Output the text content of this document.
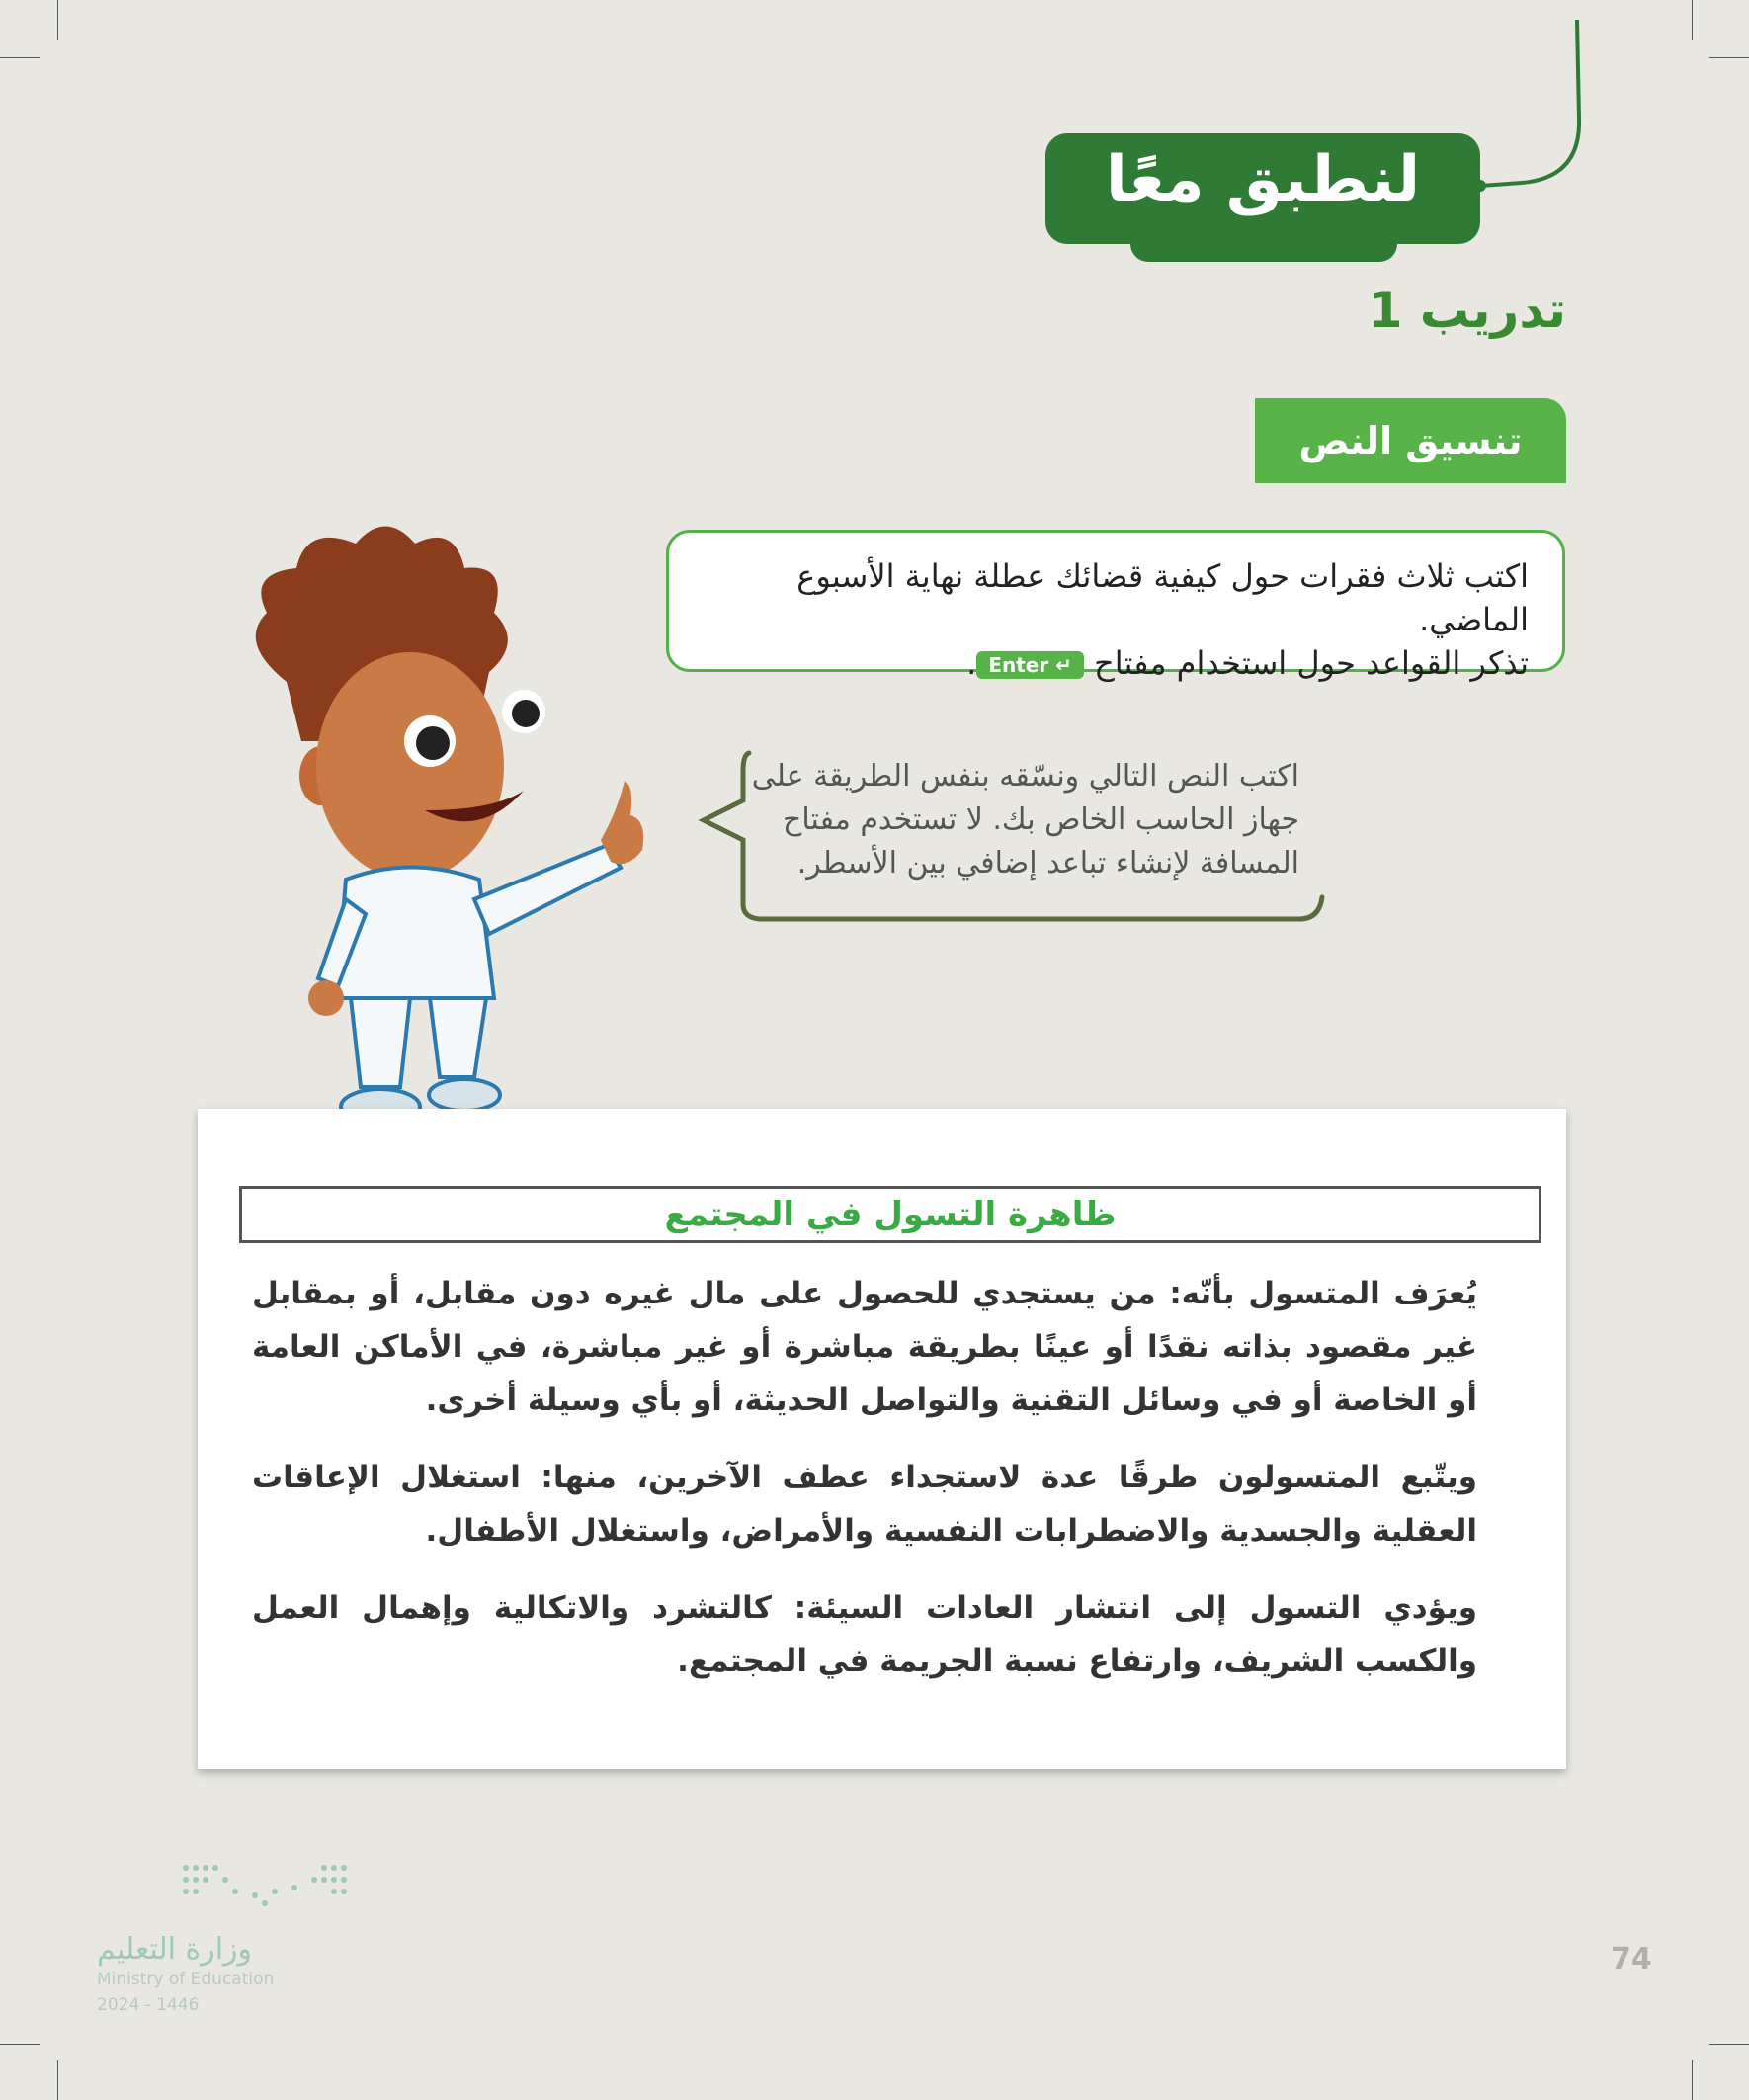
لنطبق معًا
تدريب 1
تنسيق النص
اكتب ثلاث فقرات حول كيفية قضائك عطلة نهاية الأسبوع الماضي.
تذكر القواعد حول استخدام مفتاح Enter ↵.
اكتب النص التالي ونسّقه بنفس الطريقة على
جهاز الحاسب الخاص بك. لا تستخدم مفتاح
المسافة لإنشاء تباعد إضافي بين الأسطر.
ظاهرة التسول في المجتمع

يُعرَف المتسول بأنّه: من يستجدي للحصول على مال غيره دون مقابل، أو بمقابل غير مقصود بذاته نقدًا أو عينًا بطريقة مباشرة أو غير مباشرة، في الأماكن العامة أو الخاصة أو في وسائل التقنية والتواصل الحديثة، أو بأي وسيلة أخرى.

ويتّبع المتسولون طرقًا عدة لاستجداء عطف الآخرين، منها: استغلال الإعاقات العقلية والجسدية والاضطرابات النفسية والأمراض، واستغلال الأطفال.

ويؤدي التسول إلى انتشار العادات السيئة: كالتشرد والاتكالية وإهمال العمل والكسب الشريف، وارتفاع نسبة الجريمة في المجتمع.

وزارة التعليم
Ministry of Education
2024 - 1446
74
